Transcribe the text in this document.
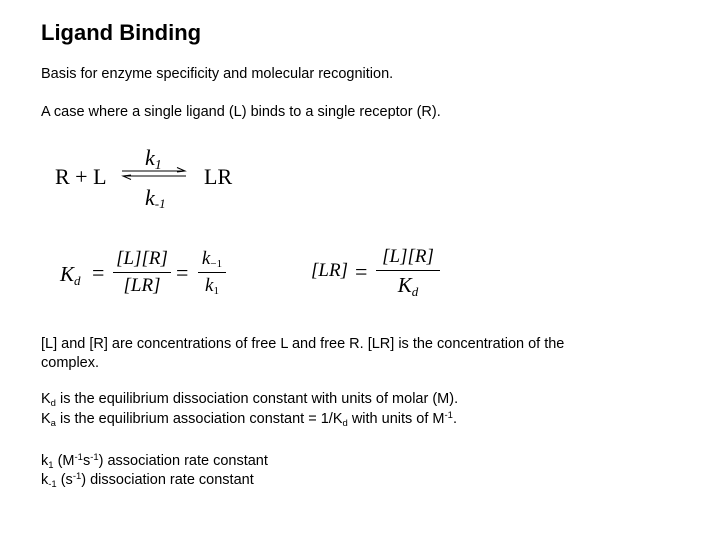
Ligand Binding
Basis for enzyme specificity and molecular recognition.
A case where a single ligand (L) binds to a single receptor (R).
R + L
$k_1$
$k_{-1}$
LR
$K_d$ =
[L][R]
[LR]
=
$k_{-1}$
$k_1$
[LR] =
[L][R]
$K_d$
[L] and [R] are concentrations of free L and free R. [LR] is the concentration of the
complex.
$K_d$ is the equilibrium dissociation constant with units of molar (M).
$K_a$ is the equilibrium association constant = $1/K_d$ with units of $M^{-1}$.
$k_1$ $(M^{-1}s^{-1})$ association rate constant
$k_{-1}$ $(s^{-1})$ dissociation rate constant
